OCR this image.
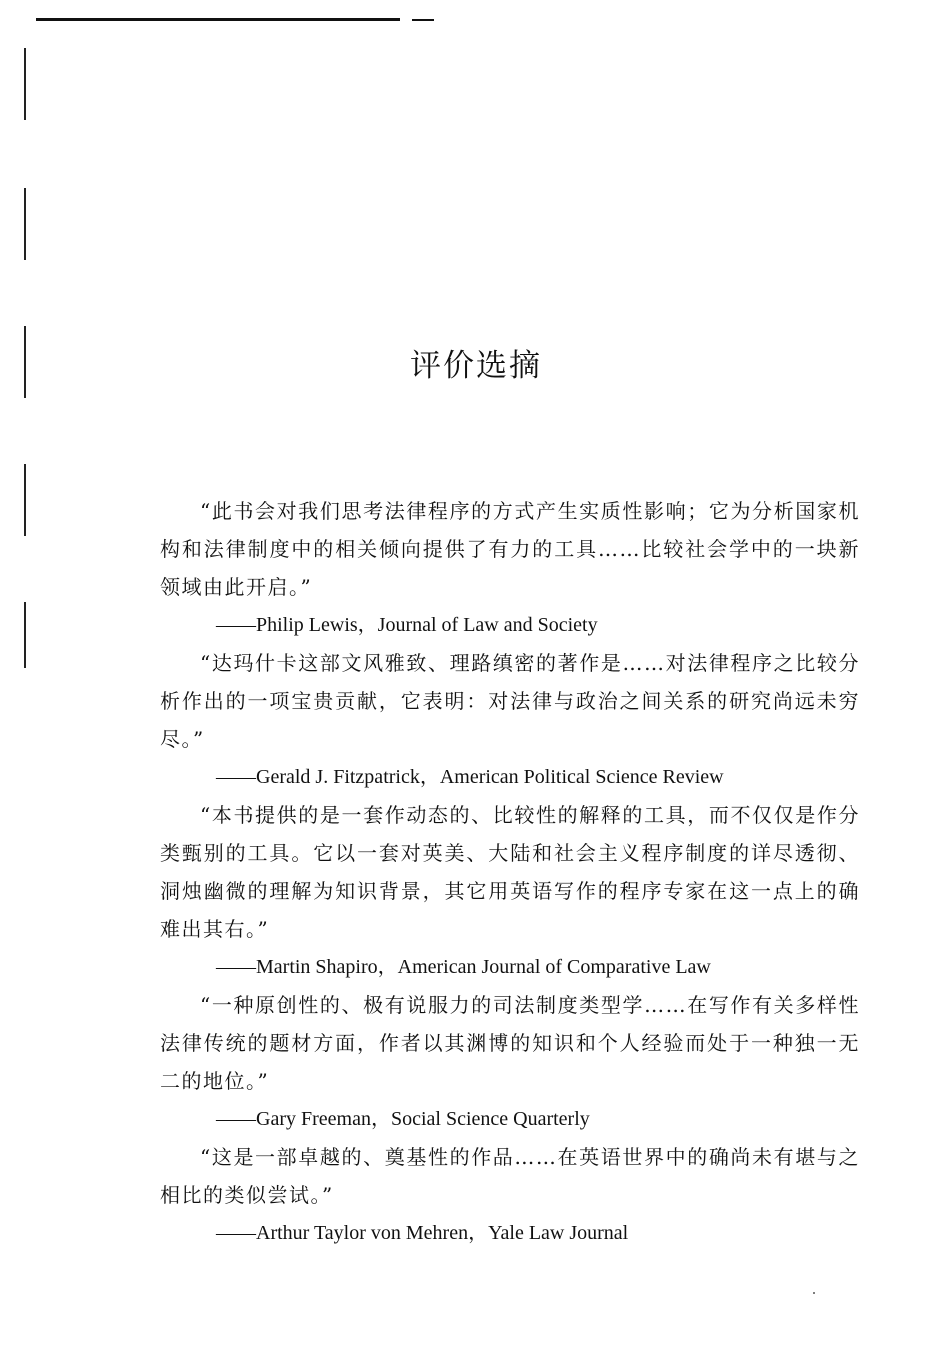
评价选摘

“此书会对我们思考法律程序的方式产生实质性影响；它为分析国家机构和法律制度中的相关倾向提供了有力的工具……比较社会学中的一块新领域由此开启。”

——Philip Lewis，Journal of Law and Society

“达玛什卡这部文风雅致、理路缜密的著作是……对法律程序之比较分析作出的一项宝贵贡献，它表明：对法律与政治之间关系的研究尚远未穷尽。”

——Gerald J. Fitzpatrick，American Political Science Review

“本书提供的是一套作动态的、比较性的解释的工具，而不仅仅是作分类甄别的工具。它以一套对英美、大陆和社会主义程序制度的详尽透彻、洞烛幽微的理解为知识背景，其它用英语写作的程序专家在这一点上的确难出其右。”

——Martin Shapiro，American Journal of Comparative Law

“一种原创性的、极有说服力的司法制度类型学……在写作有关多样性法律传统的题材方面，作者以其渊博的知识和个人经验而处于一种独一无二的地位。”

——Gary Freeman，Social Science Quarterly

“这是一部卓越的、奠基性的作品……在英语世界中的确尚未有堪与之相比的类似尝试。”

——Arthur Taylor von Mehren，Yale Law Journal
